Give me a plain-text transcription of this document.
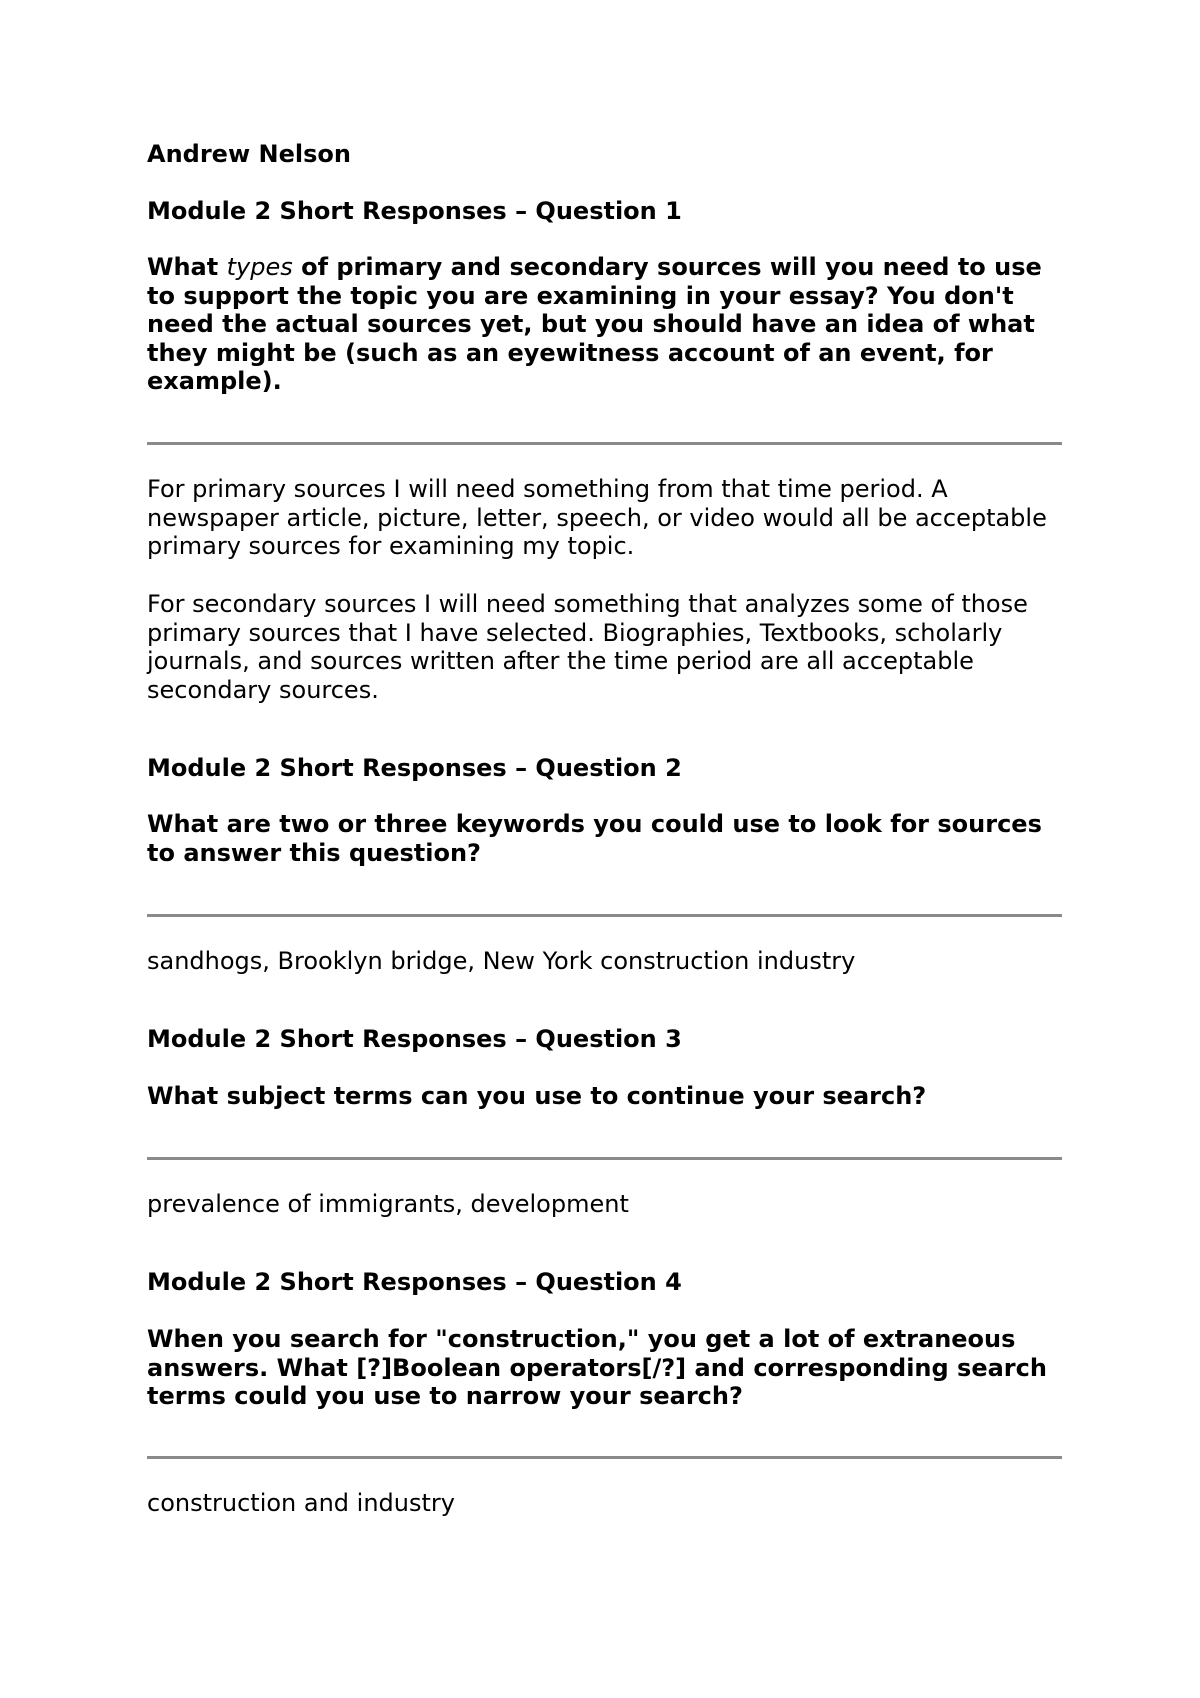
Andrew Nelson
Module 2 Short Responses – Question 1
What types of primary and secondary sources will you need to use to support the topic you are examining in your essay? You don't need the actual sources yet, but you should have an idea of what they might be (such as an eyewitness account of an event, for example).
For primary sources I will need something from that time period. A newspaper article, picture, letter, speech, or video would all be acceptable primary sources for examining my topic.
For secondary sources I will need something that analyzes some of those primary sources that I have selected. Biographies, Textbooks, scholarly journals, and sources written after the time period are all acceptable secondary sources.
Module 2 Short Responses – Question 2
What are two or three keywords you could use to look for sources to answer this question?
sandhogs, Brooklyn bridge, New York construction industry
Module 2 Short Responses – Question 3
What subject terms can you use to continue your search?
prevalence of immigrants, development
Module 2 Short Responses – Question 4
When you search for "construction," you get a lot of extraneous answers. What [?]Boolean operators[/?] and corresponding search terms could you use to narrow your search?
construction and industry
